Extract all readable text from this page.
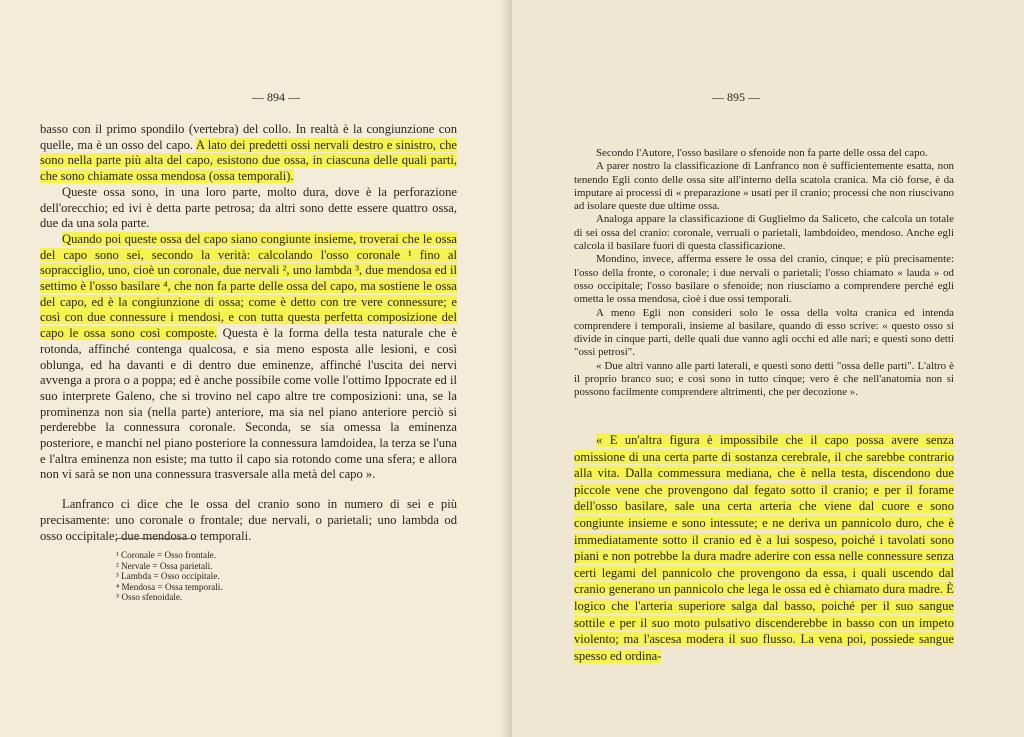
— 894 —

basso con il primo spondilo (vertebra) del collo. In realtà è la congiunzione con quelle, ma è un osso del capo. A lato dei predetti ossi nervali destro e sinistro, che sono nella parte più alta del capo, esistono due ossa, in ciascuna delle quali parti, che sono chiamate ossa mendosa (ossa temporali).

Queste ossa sono, in una loro parte, molto dura, dove è la perforazione dell'orecchio; ed ivi è detta parte petrosa; da altri sono dette essere quattro ossa, due da una sola parte.

Quando poi queste ossa del capo siano congiunte insieme, troverai che le ossa del capo sono sei, secondo la verità: calcolando l'osso coronale ¹ fino al sopracciglio, uno, cioè un coronale, due nervali ², uno lambda ³, due mendosa ed il settimo è l'osso basilare ⁴, che non fa parte delle ossa del capo, ma sostiene le ossa del capo, ed è la congiunzione di ossa; come è detto con tre vere connessure; e così con due connessure i mendosi, e con tutta questa perfetta composizione del capo le ossa sono così composte. Questa è la forma della testa naturale che è rotonda, affinché contenga qualcosa, e sia meno esposta alle lesioni, e così oblunga, ed ha davanti e di dentro due eminenze, affinché l'uscita dei nervi avvenga a prora o a poppa; ed è anche possibile come volle l'ottimo Ippocrate ed il suo interprete Galeno, che si trovino nel capo altre tre composizioni: una, se la prominenza non sia (nella parte) anteriore, ma sia nel piano anteriore perciò si perderebbe la connessura coronale. Seconda, se sia omessa la eminenza posteriore, e manchi nel piano posteriore la connessura lamdoidea, la terza se l'una e l'altra eminenza non esiste; ma tutto il capo sia rotondo come una sfera; e allora non vi sarà se non una connessura trasversale alla metà del capo ».

Lanfranco ci dice che le ossa del cranio sono in numero di sei e più precisamente: uno coronale o frontale; due nervali, o parietali; uno lambda od osso occipitale; due mendosa o temporali.

¹ Coronale = Osso frontale.
² Nervale = Ossa parietali.
³ Lambda = Osso occipitale.
⁴ Mendosa = Ossa temporali.
⁵ Osso sfenoidale.
— 895 —

Secondo l'Autore, l'osso basilare o sfenoide non fa parte delle ossa del capo.

A parer nostro la classificazione di Lanfranco non è sufficientemente esatta, non tenendo Egli conto delle ossa site all'interno della scatola cranica. Ma ciò forse, è da imputare ai processi di « preparazione » usati per il cranio; processi che non riuscivano ad isolare queste due ultime ossa.

Analoga appare la classificazione di Guglielmo da Saliceto, che calcola un totale di sei ossa del cranio: coronale, verruali o parietali, lambdoideo, mendoso. Anche egli calcola il basilare fuori di questa classificazione.

Mondino, invece, afferma essere le ossa del cranio, cinque; e più precisamente: l'osso della fronte, o coronale; i due nervali o parietali; l'osso chiamato « lauda » od osso occipitale; l'osso basilare o sfenoide; non riusciamo a comprendere perché egli ometta le ossa mendosa, cioè i due ossi temporali.

A meno Egli non consideri solo le ossa della volta cranica ed intenda comprendere i temporali, insieme al basilare, quando di esso scrive: « questo osso si divide in cinque parti, delle quali due vanno agli occhi ed alle nari; e questi sono detti "ossi petrosi".

« Due altri vanno alle parti laterali, e questi sono detti "ossa delle parti". L'altro è il proprio branco suo; e così sono in tutto cinque; vero è che nell'anatomia non si possono facilmente comprendere altrimenti, che per decozione ».

« E un'altra figura è impossibile che il capo possa avere senza omissione di una certa parte di sostanza cerebrale, il che sarebbe contrario alla vita. Dalla commessura mediana, che è nella testa, discendono due piccole vene che provengono dal fegato sotto il cranio; e per il forame dell'osso basilare, sale una certa arteria che viene dal cuore e sono congiunte insieme e sono intessute; e ne deriva un pannicolo duro, che è immediatamente sotto il cranio ed è a lui sospeso, poiché i tavolati sono piani e non potrebbe la dura madre aderire con essa nelle connessure senza certi legami del pannicolo che provengono da essa, i quali uscendo dal cranio generano un pannicolo che lega le ossa ed è chiamato dura madre. È logico che l'arteria superiore salga dal basso, poiché per il suo sangue sottile e per il suo moto pulsativo discenderebbe in basso con un impeto violento; ma l'ascesa modera il suo flusso. La vena poi, possiede sangue spesso ed ordina-
